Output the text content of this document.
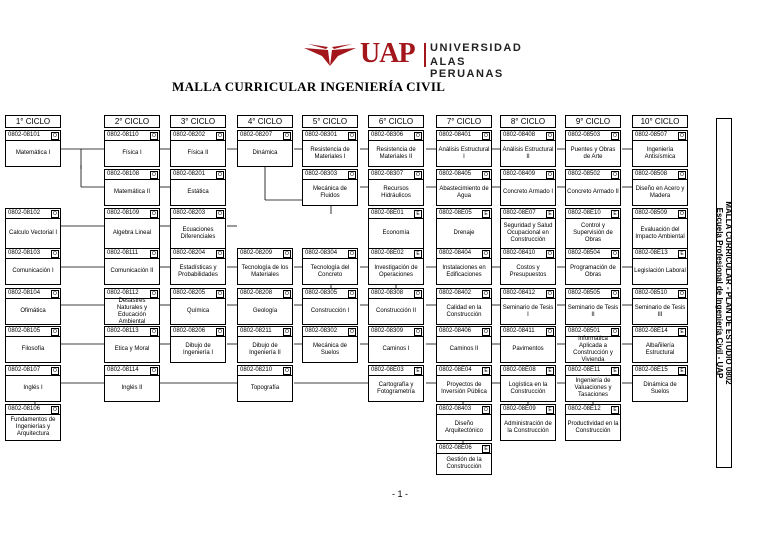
UAP UNIVERSIDAD
ALAS PERUANAS
MALLA CURRICULAR INGENIERÍA CIVIL
1° CICLO	2° CICLO	3° CICLO	4° CICLO	5° CICLO	6° CICLO	7° CICLO	8° CICLO	9° CICLO	10° CICLO
0802-08101	O
Matemática I
0802-08102	O
Calculo Vectorial I
0802-08103	O
Comunicación I
0802-08104	O
Ofimática
0802-08105	O
Filosofía
0802-08107	O
Inglés I
0802-08106	O
Fundamentos de Ingenierías y Arquitectura
0802-08110	O
Física I
0802-08108	O
Matemática II
0802-08109	O
Algebra Lineal
0802-08111	O
Comunicación II
0802-08112	O
Desastres Naturales y Educación Ambiental
0802-08113	O
Etica y Moral
0802-08114	O
Inglés II
0802-08202	O
Física II
0802-08201	O
Estática
0802-08203	O
Ecuaciones Diferenciales
0802-08204	O
Estadísticas y Probabilidades
0802-08205	O
Química
0802-08206	O
Dibujo de Ingeniería I
0802-08207	O
Dinámica
0802-08209	O
Tecnología de los Materiales
0802-08208	O
Geología
0802-08211	O
Dibujo de Ingeniería II
0802-08210	O
Topografía
0802-08301	O
Resistencia de Materiales I
0802-08303	O
Mecánica de Fluidos
0802-08304	O
Tecnología del Concreto
0802-08305	O
Construcción I
0802-08302	O
Mecánica de Suelos
0802-08306	O
Resistencia de Materiales II
0802-08307	O
Recursos Hidráulicos
0802-08E01	E
Economía
0802-08E02	E
Investigación de Operaciones
0802-08308	O
Construcción II
0802-08309	O
Caminos I
0802-08E03	E
Cartografía y Fotogrametría
0802-08401	O
Análisis Estructural I
0802-08405	O
Abastecimiento de Agua
0802-08E05	E
Drenaje
0802-08404	O
Instalaciones en Edificaciones
0802-08402	O
Calidad en la Construcción
0802-08406	O
Caminos II
0802-08E04	E
Proyectos de Inversión Pública
0802-08403	O
Diseño Arquitectónico
0802-08E06	E
Gestión de la Construcción
0802-08408	O
Análisis Estructural II
0802-08409	O
Concreto Armado I
0802-08E07	E
Seguridad y Salud Ocupacional en Construcción
0802-08410	O
Costos y Presupuestos
0802-08412	O
Seminario de Tesis I
0802-08411	O
Pavimentos
0802-08E08	E
Logística en la Construcción
0802-08E09	E
Administración de la Construcción
0802-08503	O
Puentes y Obras de Arte
0802-08502	O
Concreto Armado II
0802-08E10	E
Control y Supervisión de Obras
0802-08504	O
Programación de Obras
0802-08505	O
Seminario de Tesis II
0802-08501	O
Informática Aplicada a Construcción y Vivienda
0802-08E11	E
Ingeniería de Valuaciones y Tasaciones
0802-08E12	E
Productividad en la Construcción
0802-08507	O
Ingeniería Antisísmica
0802-08508	O
Diseño en Acero y Madera
0802-08509	O
Evaluación del Impacto Ambiental
0802-08E13	E
Legislación Laboral
0802-08510	O
Seminario de Tesis III
0802-08E14	E
Albañilería Estructural
0802-08E15	E
Dinámica de Suelos
MALLA CURRICULAR - PLAN DE ESTUDIO 0802
Escuela Profesional de Ingeniería Civil - UAP
- 1 -
